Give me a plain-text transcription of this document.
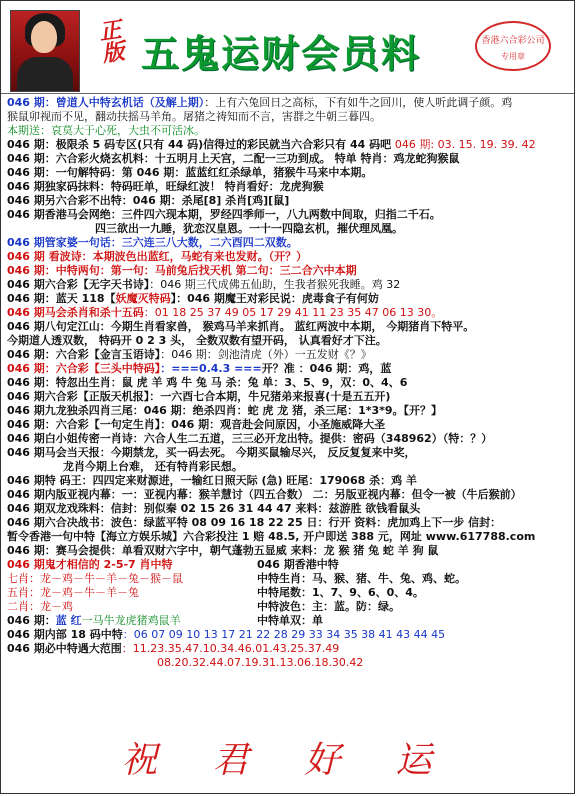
正版 五鬼运财会员料	香港六合彩公司
专用章
046 期：曾道人中特玄机话（及解上期）：上有六兔回日之高标，下有如牛之回川，使人听此调子颜。鸡
猴鼠卯视而不见，翻动扶摇马羊角。屠猪之祷知而不言，害群之牛朝三暮四。
本期送：哀莫大于心死，大虫不可活冰。
046 期：极限杀 5 码专区(只有 44 码)信得过的彩民就当六合彩只有 44 码吧 046 期: 03. 15. 19. 39. 42
046 期：六合彩火烧玄机料：十五明月上天宫，二配一三功到成。 特单 特肖：鸡龙蛇狗猴鼠
046 期：一句解特码：第 046 期：蓝蓝红红杀绿单，猪猴牛马来中本期。
046 期独家码抹料：特码旺单，旺绿红波！ 特肖看好：龙虎狗猴
046 期另六合彩不出特：046 期：杀尾[8] 杀肖[鸡][鼠]
046 期香港马会网绝：三件四六现本期，罗经四季师一，八九两数中间取，归指二千石。
四三欲出一九睡，犹恋汉皇恩。一十一四隐玄机，摧伏理凤凰。
046 期管家婆一句话：三六连三八大数，二六酉四二双数。
046 期 看波诗：本期波色出蓝红，马蛇有来也发财。（开？）
046 期：中特两句：第一句：马前兔后找天机 第二句：三二合六中本期
046 期六合彩【无字天书诗】：046 期三代成佛五仙助，生我者猴死我睡。鸡 32
046 期：蓝天 118【妖魔灭特码】：046 期魔王对彩民说：虎毒食子有何妨
046 期马会杀肖和杀十五码：01 18 25 37 49 05 17 29 41 11 23 35 47 06 13 30。
046 期八句定江山：今期生肖看家兽， 猴鸡马羊来抓肖。 蓝红两波中本期， 今期猪肖下特平。
今期道人透双数， 特码开 0 2 3 头， 全数双数有望开码， 认真看好才下注。
046 期：六合彩【金言玉语诗】：046 期：剑池清虎（外）一五发财《？》
046 期：六合彩【三头中特码】：===0.4.3 ===开？准 ：046 期：鸡，蓝
046 期：特忽出生肖：鼠 虎 羊 鸡 牛 兔 马 杀：兔 单：3、5、9，双：0、4、6
046 期六合彩【正版天机报】：一六酉七合本期，牛兄猪弟来报喜(十是五五开)
046 期九龙独杀四肖三尾：046 期：绝杀四肖：蛇 虎 龙 猪，杀三尾：1*3*9。【开？】
046 期：六合彩【一句定生肖】：046 期：观音赴会问原因，小圣施威降大圣
046 期白小姐传密一肖诗：六合人生二五道，三三必开龙出特。提供：密码（348962）（特：？）
046 期马会当天报：今期禁龙，买一码去死。 今期买鼠输尽兴， 反反复复来中奖，
龙肖今期上台难， 还有特肖彩民想。
046 期特 码王：四四定来财源进，一输红日照天际 (急) 旺尾：179068 杀：鸡 羊
046 期内版亚视内幕：一：亚视内幕：猴羊慧讨（四五合数） 二：另版亚视内幕：但令一被（牛后猴前）
046 期双龙戏珠料：信封：别似秦 02 15 26 31 44 47 来料：兹游胜 欲钱看鼠头
046 期六合决战书：波色：绿蓝平特 08 09 16 18 22 25 日：行开 资料：虎加鸡上下一步 信封：
暂令香港一句中特【海立方娱乐城】六合彩投注 1 赔 48.5, 开户即送 388 元，网址 www.617788.com
046 期：赛马会提供：单看双财六字中，朝气蓬勃五显威 来料：龙 猴 猪 兔 蛇 羊 狗 鼠
046 期鬼才相信的 2-5-7 肖中特
七肖：龙－鸡－牛－羊－兔－猴－鼠
五肖：龙－鸡－牛－羊－兔
二肖：龙－鸡
046 期：蓝 红一马牛龙虎猪鸡鼠羊
046 期香港中特
中特生肖：马、猴、猪、牛、兔、鸡、蛇。
中特尾数：1、7、9、6、0、4。
中特波色：主：蓝。防：绿。
中特单双：单
046 期内部 18 码中特：06 07 09 10 13 17 21 22 28 29 33 34 35 38 41 43 44 45
046 期必中特遇大范围：11.23.35.47.10.34.46.01.43.25.37.49
08.20.32.44.07.19.31.13.06.18.30.42
祝 君 好 运
